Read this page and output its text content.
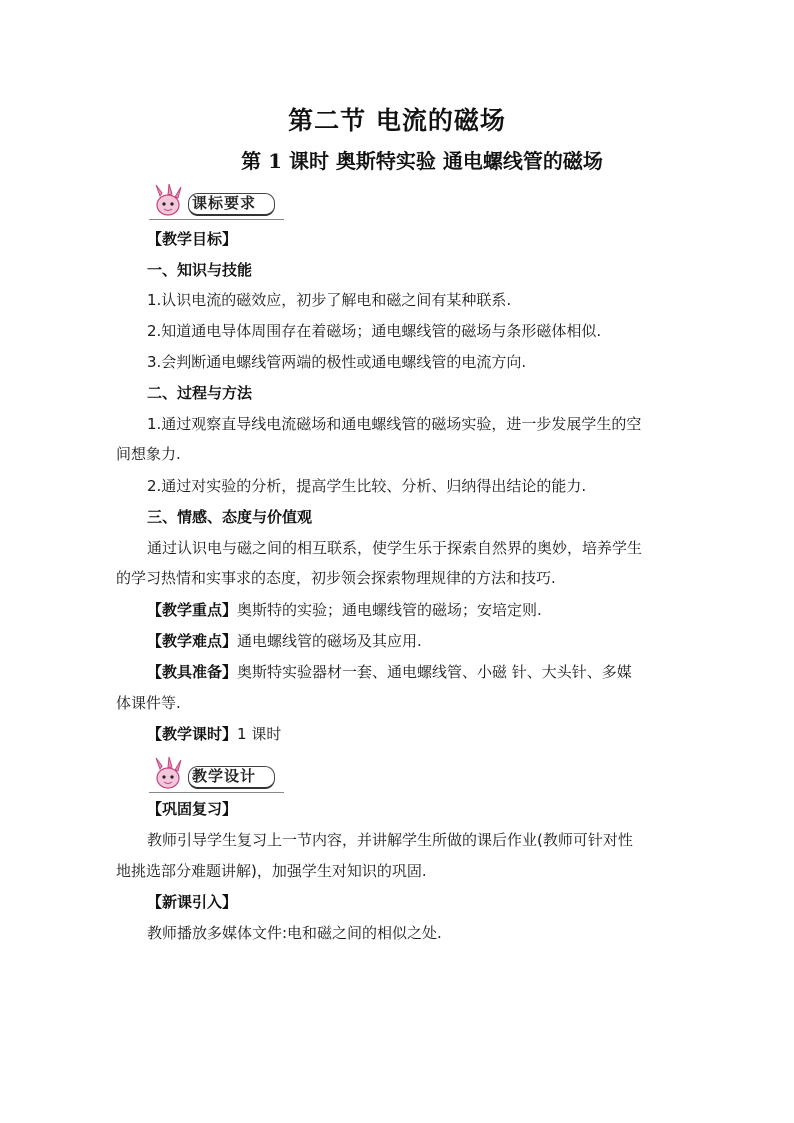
第二节 电流的磁场
第 1 课时 奥斯特实验 通电螺线管的磁场
课标要求
【教学目标】
一、知识与技能
1.认识电流的磁效应，初步了解电和磁之间有某种联系.
2.知道通电导体周围存在着磁场；通电螺线管的磁场与条形磁体相似.
3.会判断通电螺线管两端的极性或通电螺线管的电流方向.
二、过程与方法
1.通过观察直导线电流磁场和通电螺线管的磁场实验，进一步发展学生的空
间想象力.
2.通过对实验的分析，提高学生比较、分析、归纳得出结论的能力.
三、情感、态度与价值观
通过认识电与磁之间的相互联系，使学生乐于探索自然界的奥妙，培养学生
的学习热情和实事求的态度，初步领会探索物理规律的方法和技巧.
【教学重点】奥斯特的实验；通电螺线管的磁场；安培定则.
【教学难点】通电螺线管的磁场及其应用.
【教具准备】奥斯特实验器材一套、通电螺线管、小磁 针、大头针、多媒
体课件等.
【教学课时】1 课时
教学设计
【巩固复习】
教师引导学生复习上一节内容，并讲解学生所做的课后作业(教师可针对性
地挑选部分难题讲解)，加强学生对知识的巩固.
【新课引入】
教师播放多媒体文件:电和磁之间的相似之处.
